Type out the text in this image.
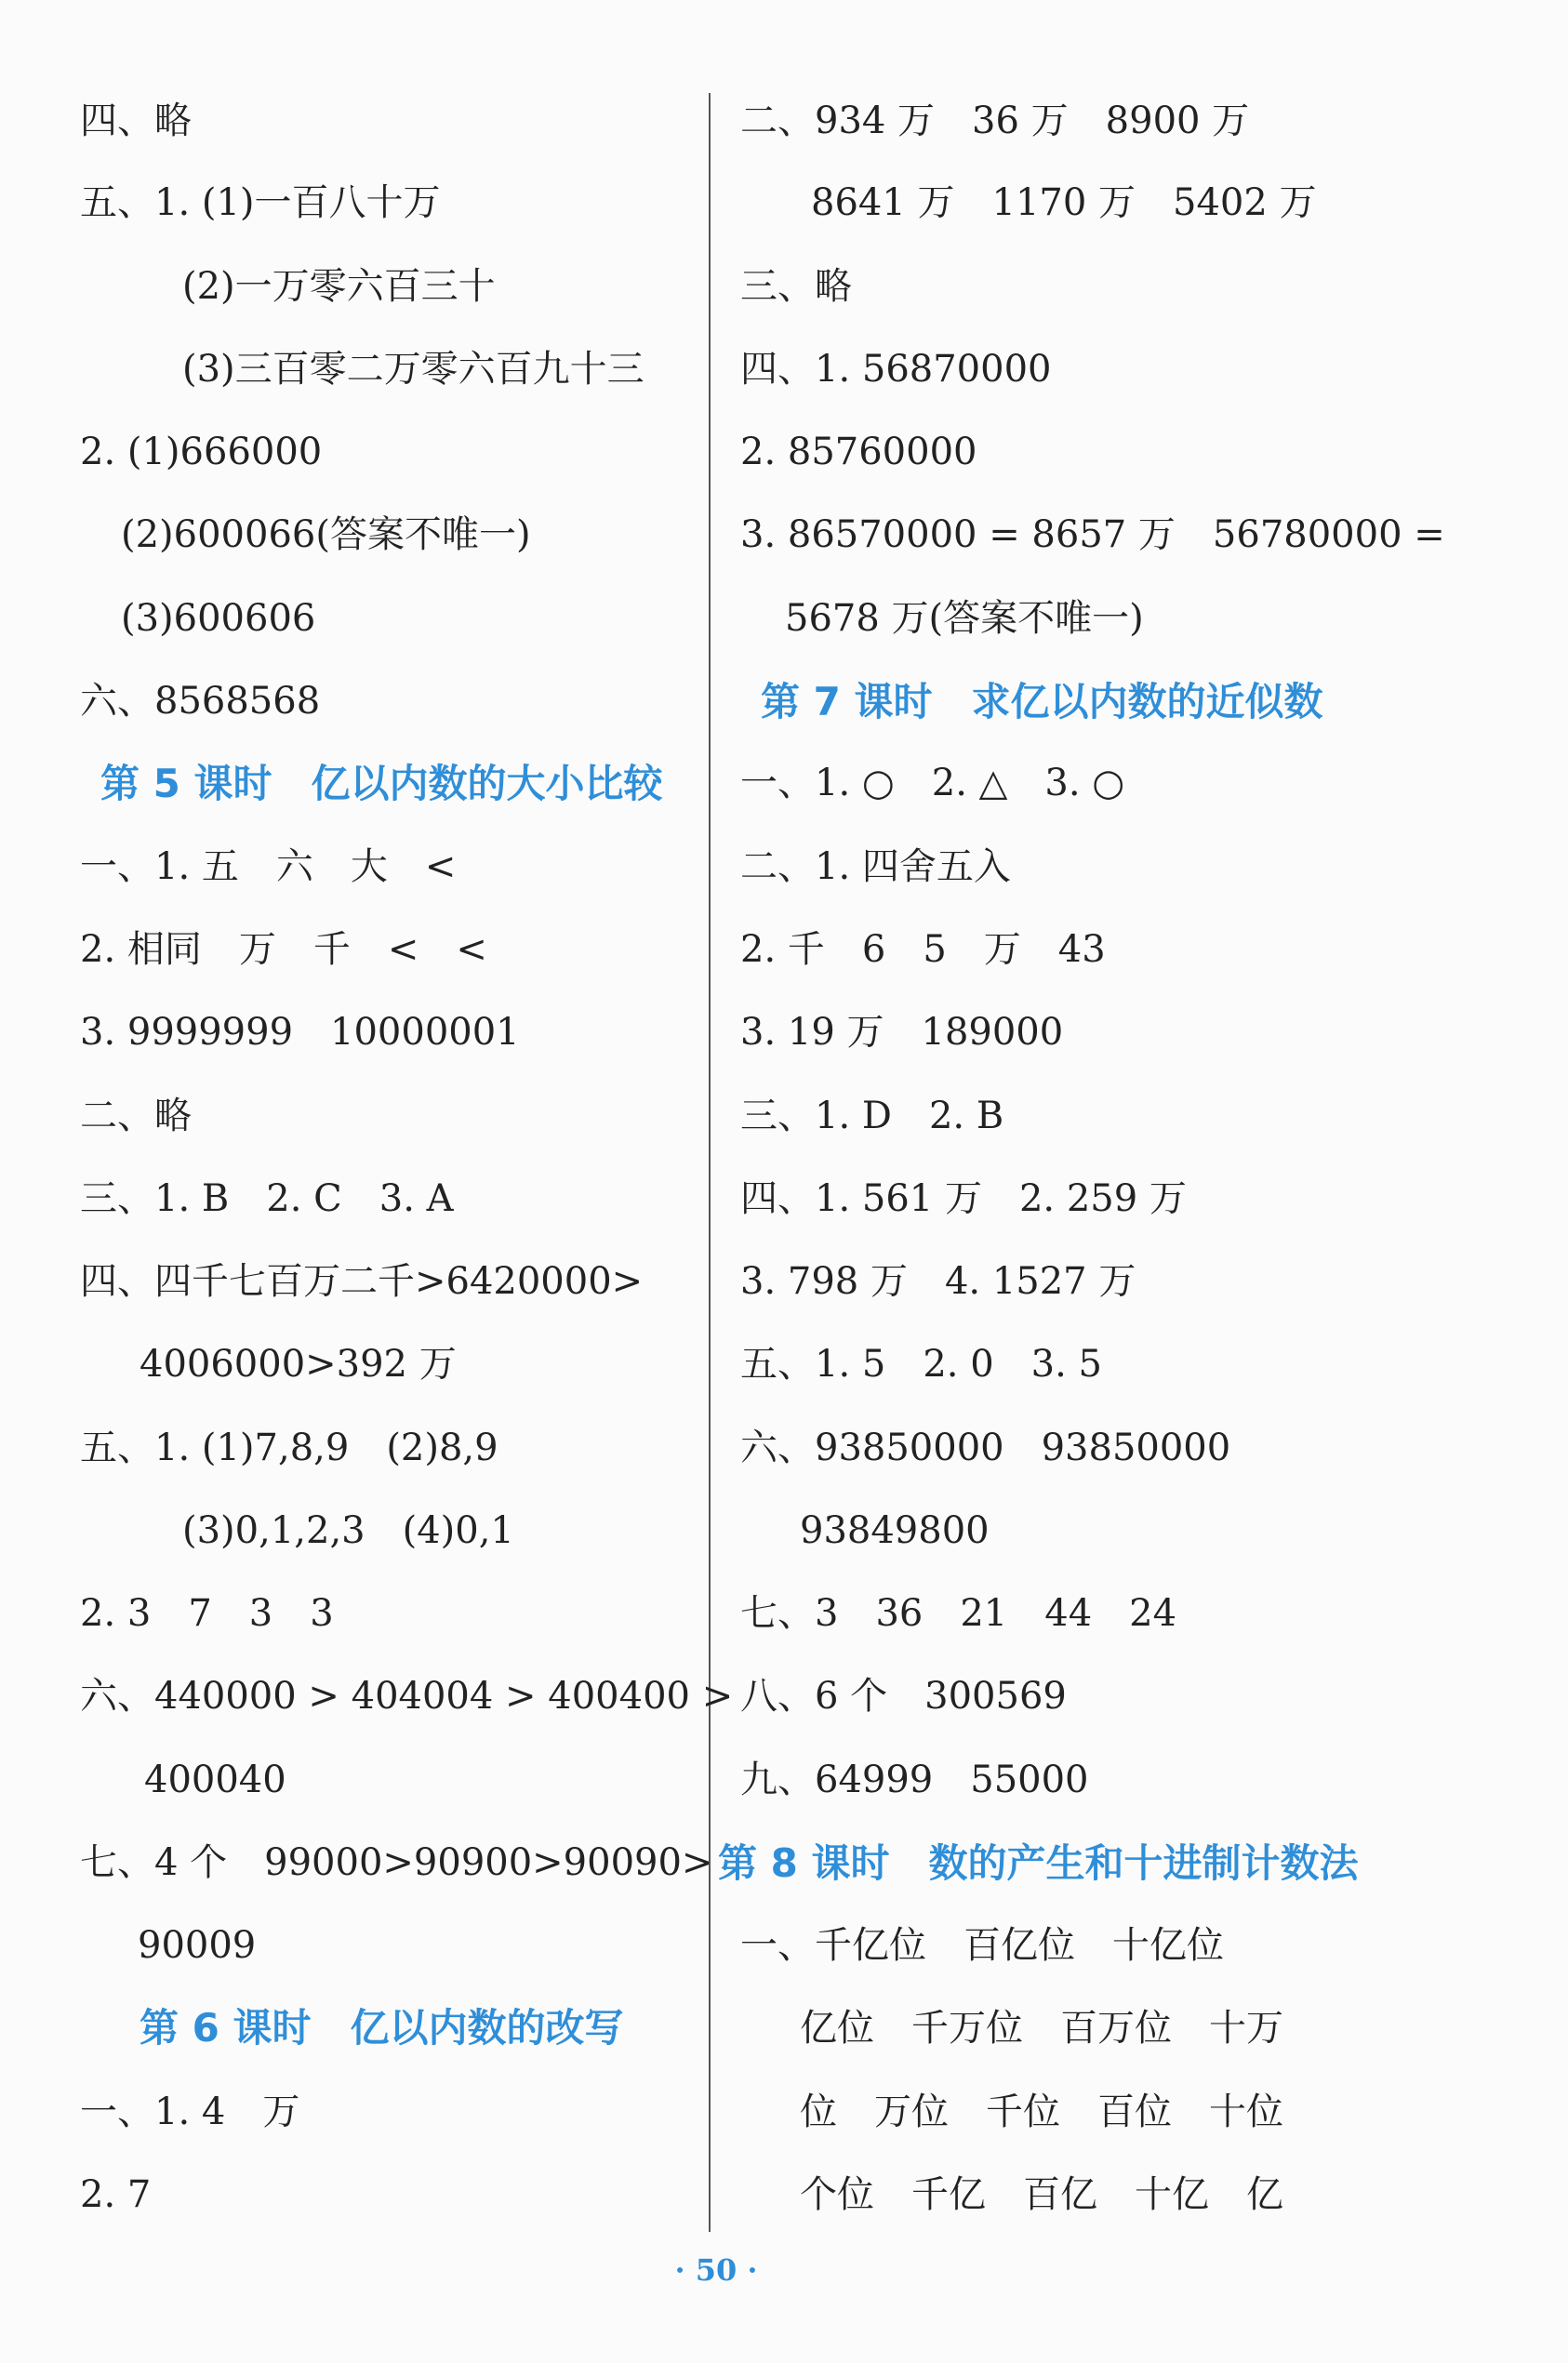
四、略
五、1. (1)一百八十万
(2)一万零六百三十
(3)三百零二万零六百九十三
2. (1)666000
(2)600066(答案不唯一)
(3)600606
六、8568568
第 5 课时　亿以内数的大小比较
一、1. 五　六　大　<
2. 相同　万　千　<　<
3. 9999999　10000001
二、略
三、1. B　2. C　3. A
四、四千七百万二千>6420000>
4006000>392 万
五、1. (1)7,8,9　(2)8,9
(3)0,1,2,3　(4)0,1
2. 3　7　3　3
六、440000 > 404004 > 400400 >
400040
七、4 个　99000>90900>90090>
90009
第 6 课时　亿以内数的改写
一、1. 4　万
2. 7
二、934 万　36 万　8900 万
8641 万　1170 万　5402 万
三、略
四、1. 56870000
2. 85760000
3. 86570000 = 8657 万　56780000 =
5678 万(答案不唯一)
第 7 课时　求亿以内数的近似数
一、1. ○　2. △　3. ○
二、1. 四舍五入
2. 千　6　5　万　43
3. 19 万　189000
三、1. D　2. B
四、1. 561 万　2. 259 万
3. 798 万　4. 1527 万
五、1. 5　2. 0　3. 5
六、93850000　93850000
93849800
七、3　36　21　44　24
八、6 个　300569
九、64999　55000
第 8 课时　数的产生和十进制计数法
一、千亿位　百亿位　十亿位
亿位　千万位　百万位　十万
位　万位　千位　百位　十位
个位　千亿　百亿　十亿　亿
· 50 ·
